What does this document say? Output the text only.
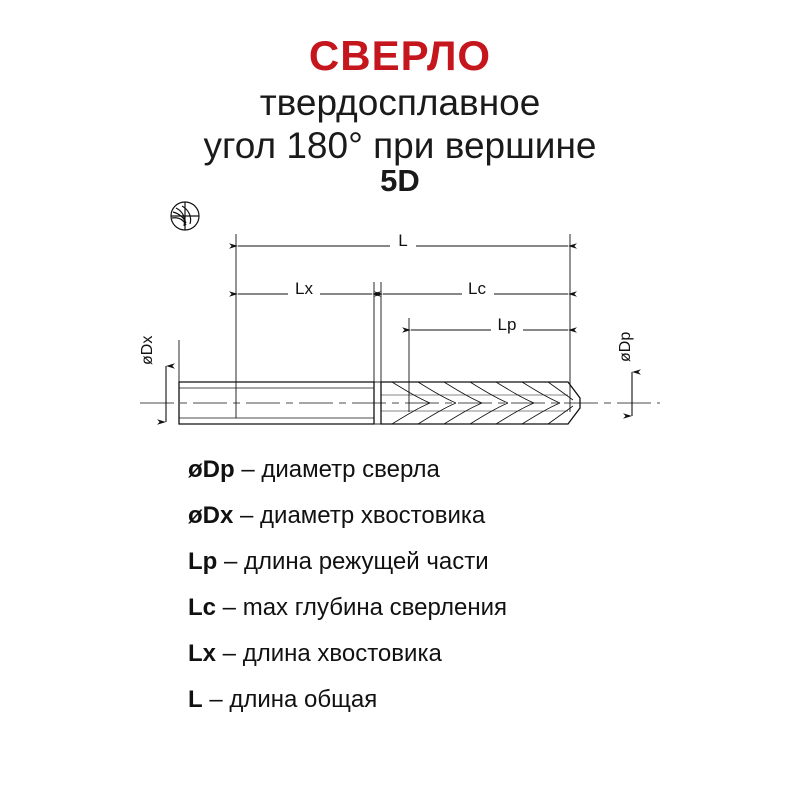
СВЕРЛО
твердосплавное
угол 180° при вершине
5D
L
Lx	Lc
Lp
øDx	øDp
øDp – диаметр сверла
øDx – диаметр хвостовика
Lp – длина режущей части
Lc – max глубина сверления
Lx – длина хвостовика
L – длина общая
